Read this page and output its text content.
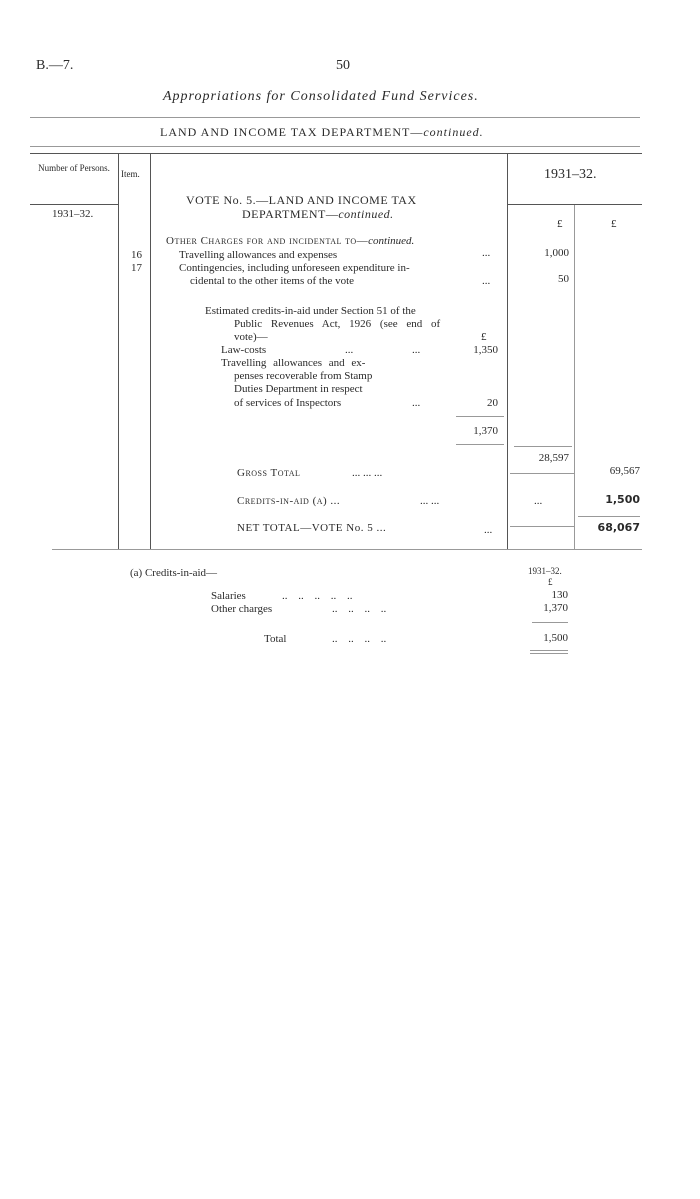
B.—7.	50
Appropriations for Consolidated Fund Services.
LAND AND INCOME TAX DEPARTMENT—continued.
Number of Persons.
Item.	1931–32.
1931–32.
VOTE No. 5.—LAND AND INCOME TAX
DEPARTMENT—continued.
£	£
Other Charges for and incidental to—continued.
16	Travelling allowances and expenses	...	1,000
17	Contingencies, including unforeseen expenditure in-
cidental to the other items of the vote	...	50
Estimated credits-in-aid under Section 51 of the
Public Revenues Act, 1926 (see end of
vote)—	£
Law-costs	...	...	1,350
Travelling allowances and ex-
penses recoverable from Stamp
Duties Department in respect
of services of Inspectors	...	20
1,370
28,597
Gross Total	... ... ...	69,567
Credits-in-aid (a) ...	... ...	...	1,500
NET TOTAL—VOTE No. 5 ...	...	68,067
(a) Credits-in-aid—	1931–32.
£
Salaries	.. .. .. .. ..	130
Other charges	.. .. .. ..	1,370
Total	.. .. .. ..	1,500
